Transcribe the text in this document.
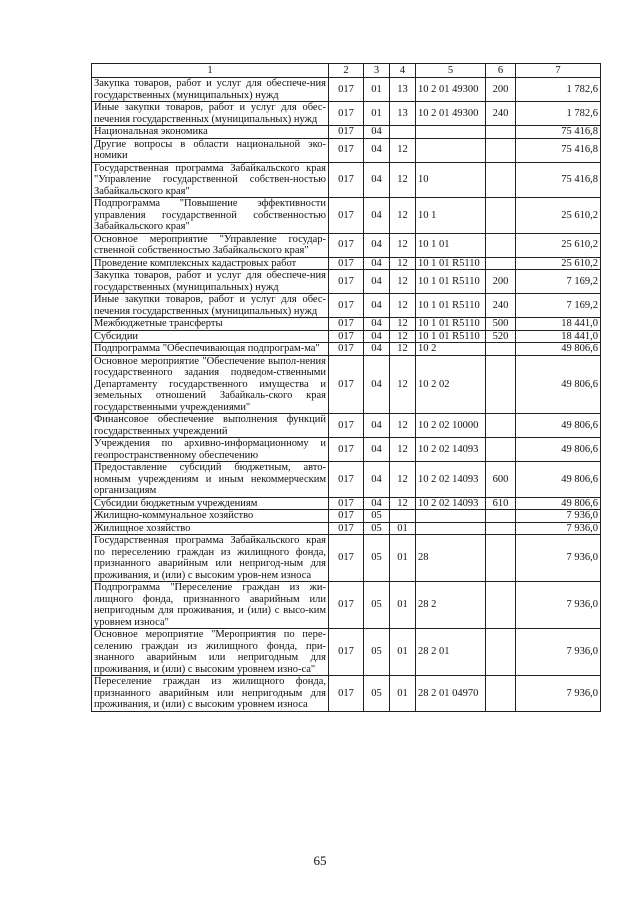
1	2	3	4	5	6	7
Закупка товаров, работ и услуг для обеспече-ния государственных (муниципальных) нужд	017	01	13	10 2 01 49300	200	1 782,6
Иные закупки товаров, работ и услуг для обес-печения государственных (муниципальных) нужд	017	01	13	10 2 01 49300	240	1 782,6
Национальная экономика	017	04				75 416,8
Другие вопросы в области национальной эко-номики	017	04	12			75 416,8
Государственная программа Забайкальского края "Управление государственной собствен-ностью Забайкальского края"	017	04	12	10		75 416,8
Подпрограмма "Повышение эффективности управления государственной собственностью Забайкальского края"	017	04	12	10 1		25 610,2
Основное мероприятие "Управление государ-ственной собственностью Забайкальского края"	017	04	12	10 1 01		25 610,2
Проведение комплексных кадастровых работ	017	04	12	10 1 01 R5110		25 610,2
Закупка товаров, работ и услуг для обеспече-ния государственных (муниципальных) нужд	017	04	12	10 1 01 R5110	200	7 169,2
Иные закупки товаров, работ и услуг для обес-печения государственных (муниципальных) нужд	017	04	12	10 1 01 R5110	240	7 169,2
Межбюджетные трансферты	017	04	12	10 1 01 R5110	500	18 441,0
Субсидии	017	04	12	10 1 01 R5110	520	18 441,0
Подпрограмма "Обеспечивающая подпрограм-ма"	017	04	12	10 2		49 806,6
Основное мероприятие "Обеспечение выпол-нения государственного задания подведом-ственными Департаменту государственного имущества и земельных отношений Забайкаль-ского края государственными учреждениями"	017	04	12	10 2 02		49 806,6
Финансовое обеспечение выполнения функций государственных учреждений	017	04	12	10 2 02 10000		49 806,6
Учреждения по архивно-информационному и геопространственному обеспечению	017	04	12	10 2 02 14093		49 806,6
Предоставление субсидий бюджетным, авто-номным учреждениям и иным некоммерческим организациям	017	04	12	10 2 02 14093	600	49 806,6
Субсидии бюджетным учреждениям	017	04	12	10 2 02 14093	610	49 806,6
Жилищно-коммунальное хозяйство	017	05				7 936,0
Жилищное хозяйство	017	05	01			7 936,0
Государственная программа Забайкальского края по переселению граждан из жилищного фонда, признанного аварийным или непригод-ным для проживания, и (или) с высоким уров-нем износа	017	05	01	28		7 936,0
Подпрограмма "Переселение граждан из жи-лищного фонда, признанного аварийным или непригодным для проживания, и (или) с высо-ким уровнем износа"	017	05	01	28 2		7 936,0
Основное мероприятие "Мероприятия по пере-селению граждан из жилищного фонда, при-знанного аварийным или непригодным для проживания, и (или) с высоким уровнем изно-са"	017	05	01	28 2 01		7 936,0
Переселение граждан из жилищного фонда, признанного аварийным или непригодным для проживания, и (или) с высоким уровнем износа	017	05	01	28 2 01 04970		7 936,0
65
